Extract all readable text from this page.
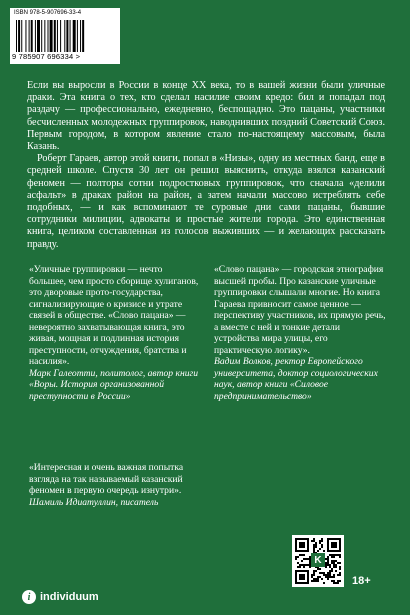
ISBN 978-5-907696-33-4
9 785907 696334 >

Если вы выросли в России в конце XX века, то в вашей жизни были уличные драки. Эта книга о тех, кто сделал насилие своим кредо: бил и попадал под раздачу — профессионально, ежедневно, беспощадно. Это пацаны, участники бесчисленных молодежных группировок, наводнивших поздний Советский Союз. Первым городом, в котором явление стало по-настоящему массовым, была Казань.

Роберт Гараев, автор этой книги, попал в «Низы», одну из местных банд, еще в средней школе. Спустя 30 лет он решил выяснить, откуда взялся казанский феномен — полторы сотни подростковых группировок, что сначала «делили асфальт» в драках район на район, а затем начали массово истреблять себе подобных, — и как вспоминают те суровые дни сами пацаны, бывшие сотрудники милиции, адвокаты и простые жители города. Это единственная книга, целиком составленная из голосов выживших — и желающих рассказать правду.

«Уличные группировки — нечто большее, чем просто сборище хулиганов, это дворовые прото-государства, сигнализирующие о кризисе и утрате связей в обществе. «Слово пацана» — невероятно захватывающая книга, это живая, мощная и подлинная история преступности, отчуждения, братства и насилия».

Марк Галеотти, политолог, автор книги «Воры. История организованной преступности в России»

«Слово пацана» — городская этнография высшей пробы. Про казанские уличные группировки слышали многие. Но книга Гараева привносит самое ценное — перспективу участников, их прямую речь, а вместе с ней и тонкие детали устройства мира улицы, его практическую логику».

Вадим Волков, ректор Европейского университета, доктор социологических наук, автор книги «Силовое предпринимательство»

«Интересная и очень важная попытка взгляда на так называемый казанский феномен в первую очередь изнутри».

Шамиль Идиатуллин, писатель

i individuum
K
18+
